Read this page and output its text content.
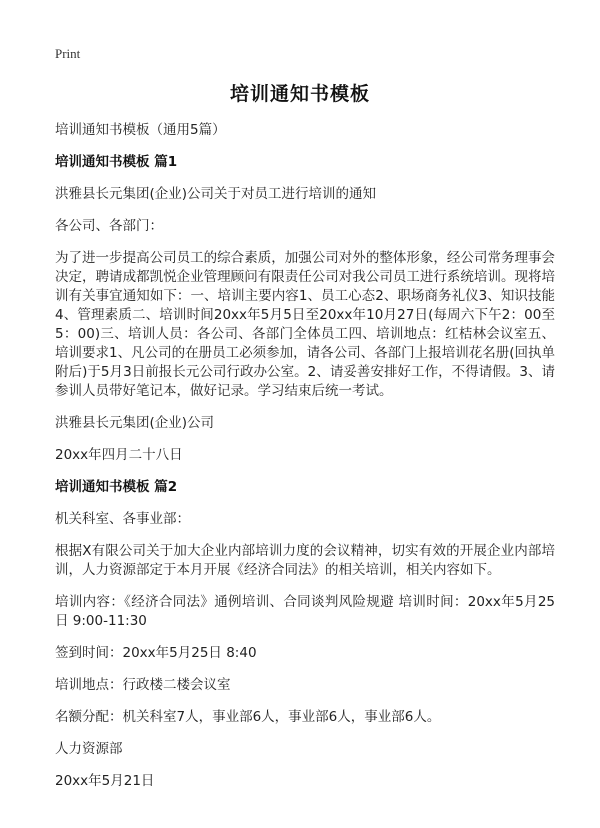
Print
培训通知书模板

培训通知书模板（通用5篇）

培训通知书模板 篇1

洪雅县长元集团(企业)公司关于对员工进行培训的通知

各公司、各部门：

为了进一步提高公司员工的综合素质，加强公司对外的整体形象，经公司常务理事会决定，聘请成都凯悦企业管理顾问有限责任公司对我公司员工进行系统培训。现将培训有关事宜通知如下：一、培训主要内容1、员工心态2、职场商务礼仪3、知识技能4、管理素质二、培训时间20xx年5月5日至20xx年10月27日(每周六下午2：00至5：00)三、培训人员：各公司、各部门全体员工四、培训地点：红桔林会议室五、培训要求1、凡公司的在册员工必须参加，请各公司、各部门上报培训花名册(回执单附后)于5月3日前报长元公司行政办公室。2、请妥善安排好工作，不得请假。3、请参训人员带好笔记本，做好记录。学习结束后统一考试。

洪雅县长元集团(企业)公司

20xx年四月二十八日

培训通知书模板 篇2

机关科室、各事业部：

根据X有限公司关于加大企业内部培训力度的会议精神，切实有效的开展企业内部培训，人力资源部定于本月开展《经济合同法》的相关培训，相关内容如下。

培训内容：《经济合同法》通例培训、合同谈判风险规避 培训时间：20xx年5月25日 9:00-11:30

签到时间：20xx年5月25日 8:40

培训地点：行政楼二楼会议室

名额分配：机关科室7人，事业部6人，事业部6人，事业部6人。

人力资源部

20xx年5月21日
